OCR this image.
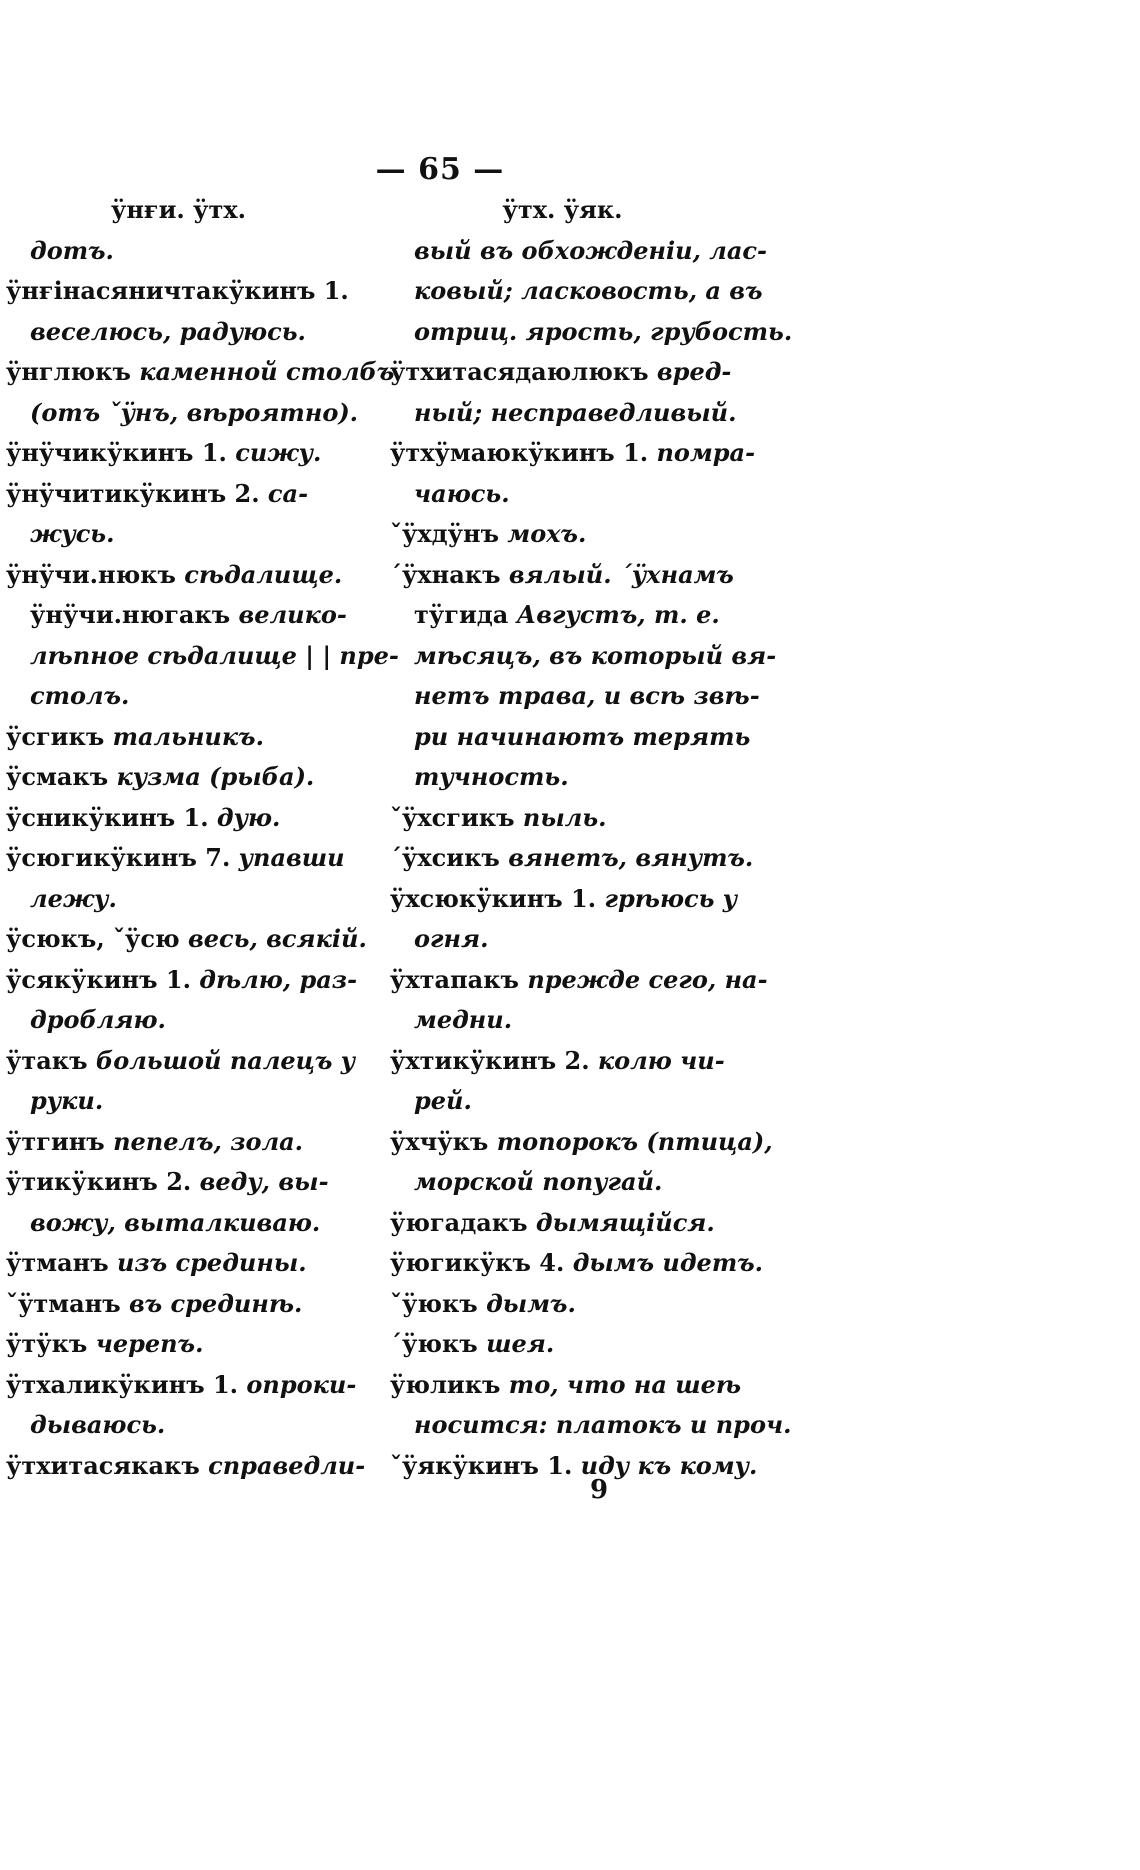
— 65 —
ӱнғи. ӱтх.
дотъ.
ӱнғінасяничтакӱкинъ 1.
веселюсь, радуюсь.
ӱнглюкъ каменной столбъ
(отъ ˇӱнъ, вѣроятно).
ӱнӱчикӱкинъ 1. сижу.
ӱнӱчитикӱкинъ 2. са-
жусь.
ӱнӱчи.нюкъ сѣдалище.
ӱнӱчи.нюгакъ велико-
лѣпное сѣдалище | | пре-
столъ.
ӱсгикъ тальникъ.
ӱсмакъ кузма (рыба).
ӱсникӱкинъ 1. дую.
ӱсюгикӱкинъ 7. упавши
лежу.
ӱсюкъ, ˇӱсю весь, всякій.
ӱсякӱкинъ 1. дѣлю, раз-
дробляю.
ӱтакъ большой палецъ у
руки.
ӱтгинъ пепелъ, зола.
ӱтикӱкинъ 2. веду, вы-
вожу, выталкиваю.
ӱтманъ изъ средины.
ˇӱтманъ въ срединѣ.
ӱтӱкъ черепъ.
ӱтхаликӱкинъ 1. опроки-
дываюсь.
ӱтхитасякакъ справедли-
ӱтх. ӱяк.
вый въ обхожденіи, лас-
ковый; ласковость, а въ
отриц. ярость, грубость.
ӱтхитасядаюлюкъ вред-
ный; несправедливый.
ӱтхӱмаюкӱкинъ 1. помра-
чаюсь.
ˇӱхдӱнъ мохъ.
ˊӱхнакъ вялый. ˊӱхнамъ
тӱгида Августъ, т. е.
мѣсяцъ, въ который вя-
нетъ трава, и всѣ звѣ-
ри начинаютъ терять
тучность.
ˇӱхсгикъ пыль.
ˊӱхсикъ вянетъ, вянутъ.
ӱхсюкӱкинъ 1. грѣюсь у
огня.
ӱхтапакъ прежде сего, на-
медни.
ӱхтикӱкинъ 2. колю чи-
рей.
ӱхчӱкъ топорокъ (птица),
морской попугай.
ӱюгадакъ дымящійся.
ӱюгикӱкъ 4. дымъ идетъ.
ˇӱюкъ дымъ.
ˊӱюкъ шея.
ӱюликъ то, что на шеѣ
носится: платокъ и проч.
ˇӱякӱкинъ 1. иду къ кому.
9
